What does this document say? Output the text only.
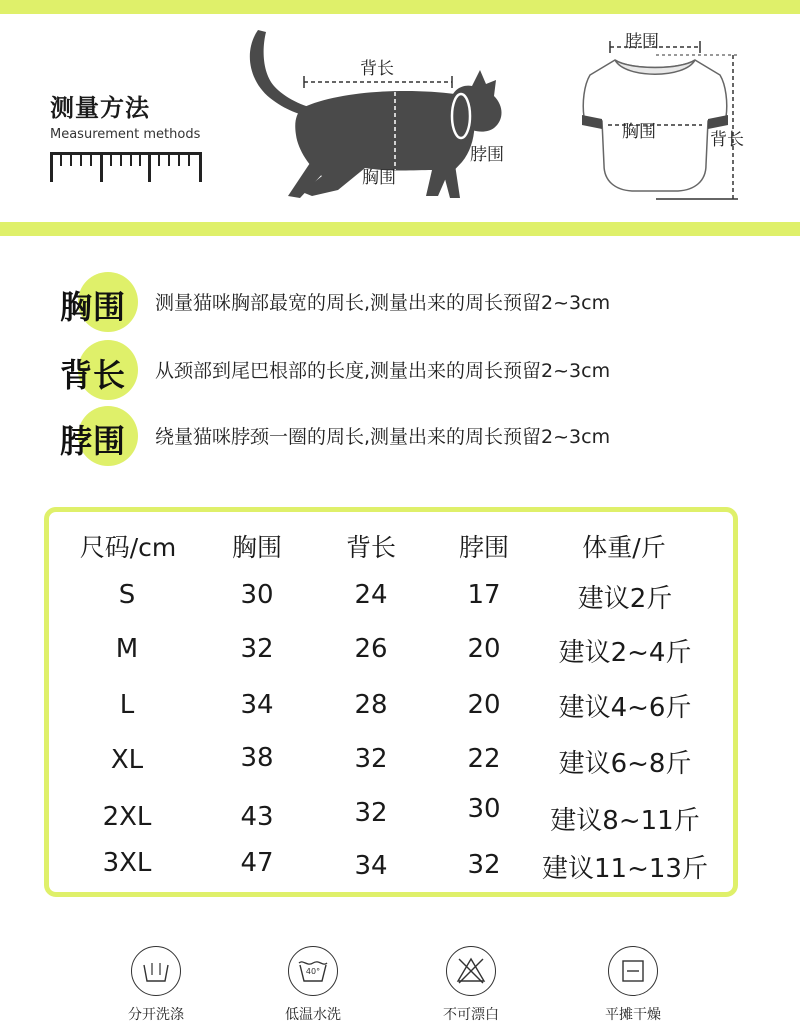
测量方法
Measurement methods
背长
脖围
胸围
脖围
胸围	背长
胸围 测量猫咪胸部最宽的周长,测量出来的周长预留2~3cm
背长 从颈部到尾巴根部的长度,测量出来的周长预留2~3cm
脖围 绕量猫咪脖颈一圈的周长,测量出来的周长预留2~3cm
尺码/cm 胸围	背长	脖围	体重/斤
S	30	24	17	建议2斤
M	32	26	20 建议2~4斤
L	34	28	20 建议4~6斤
XL	38	32	22 建议6~8斤
2XL	43	32	30 建议8~11斤
3XL	47	34	32 建议11~13斤
分开洗涤
40°
低温水洗	不可漂白	平摊干燥
